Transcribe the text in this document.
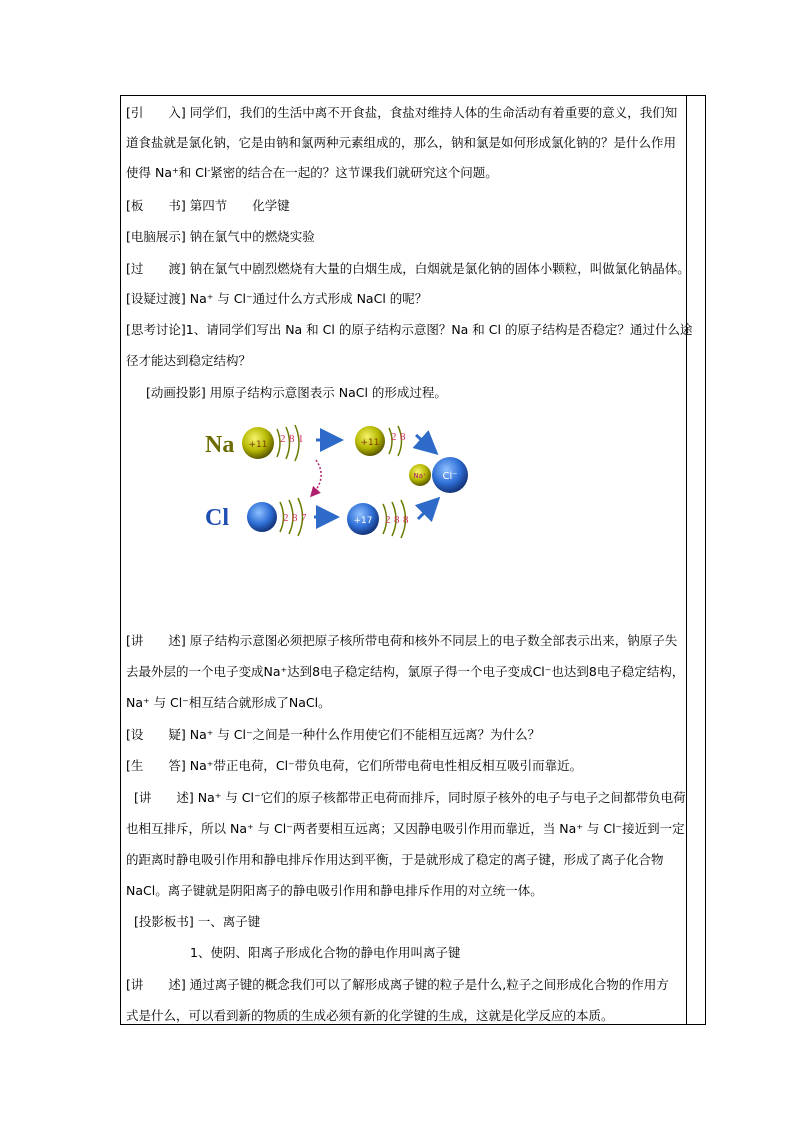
[引　　入] 同学们，我们的生活中离不开食盐，食盐对维持人体的生命活动有着重要的意义，我们知
道食盐就是氯化钠，它是由钠和氯两种元素组成的，那么，钠和氯是如何形成氯化钠的？是什么作用
使得 Na+和 Cl-紧密的结合在一起的？这节课我们就研究这个问题。
[板　　书] 第四节　　化学键
[电脑展示] 钠在氯气中的燃烧实验
[过　　渡] 钠在氯气中剧烈燃烧有大量的白烟生成，白烟就是氯化钠的固体小颗粒，叫做氯化钠晶体。
[设疑过渡] Na⁺ 与 Cl⁻通过什么方式形成 NaCl 的呢？
[思考讨论]1、请同学们写出 Na 和 Cl 的原子结构示意图？Na 和 Cl 的原子结构是否稳定？通过什么途
径才能达到稳定结构？
[动画投影] 用原子结构示意图表示 NaCl 的形成过程。
[讲　　述] 原子结构示意图必须把原子核所带电荷和核外不同层上的电子数全部表示出来，钠原子失
去最外层的一个电子变成Na⁺达到8电子稳定结构，氯原子得一个电子变成Cl⁻也达到8电子稳定结构，
Na⁺ 与 Cl⁻相互结合就形成了NaCl。
[设　　疑] Na⁺ 与 Cl⁻之间是一种什么作用使它们不能相互远离？为什么？
[生　　答] Na⁺带正电荷，Cl⁻带负电荷，它们所带电荷电性相反相互吸引而靠近。
[讲　　述] Na⁺ 与 Cl⁻它们的原子核都带正电荷而排斥，同时原子核外的电子与电子之间都带负电荷
也相互排斥，所以 Na⁺ 与 Cl⁻两者要相互远离；又因静电吸引作用而靠近，当 Na⁺ 与 Cl⁻接近到一定
的距离时静电吸引作用和静电排斥作用达到平衡，于是就形成了稳定的离子键，形成了离子化合物
NaCl。离子键就是阴阳离子的静电吸引作用和静电排斥作用的对立统一体。
[投影板书] 一、离子键
1、使阴、阳离子形成化合物的静电作用叫离子键
[讲　　述] 通过离子键的概念我们可以了解形成离子键的粒子是什么,粒子之间形成化合物的作用方
式是什么，可以看到新的物质的生成必须有新的化学键的生成，这就是化学反应的本质。
Na +11 2 8 1	+11 2 8
Cl	2 8 7	+17 2 8 8
Na⁺ Cl⁻
